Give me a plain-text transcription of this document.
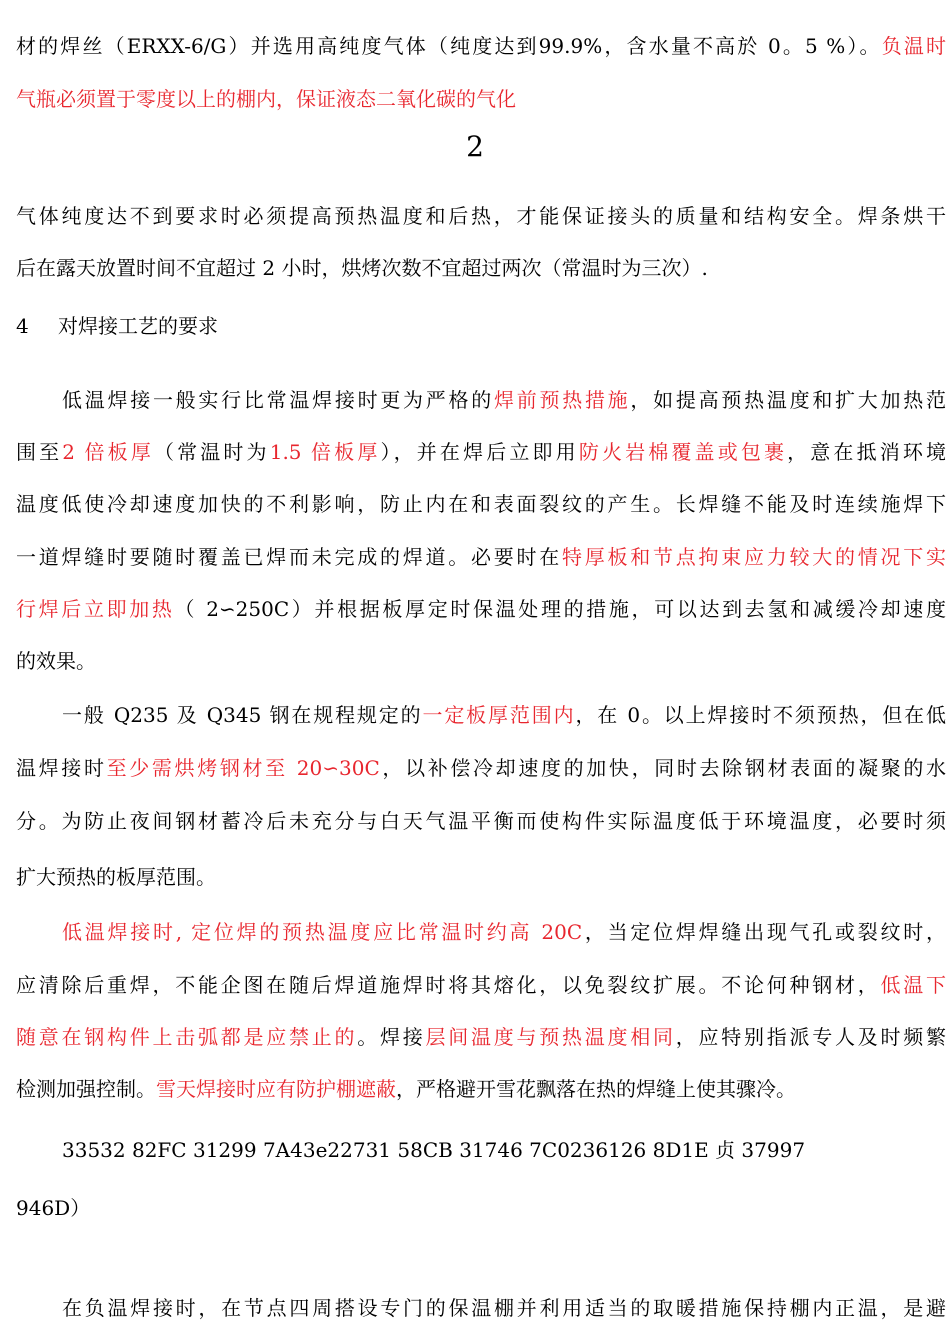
材的焊丝（ERXX-6/G）并选用高纯度气体（纯度达到99.9%，含水量不高於 0。5 %）。负温时
气瓶必须置于零度以上的棚内，保证液态二氧化碳的气化
2
气体纯度达不到要求时必须提高预热温度和后热，才能保证接头的质量和结构安全。焊条烘干
后在露天放置时间不宜超过 2 小时，烘烤次数不宜超过两次（常温时为三次）.
4 对焊接工艺的要求
低温焊接一般实行比常温焊接时更为严格的焊前预热措施，如提高预热温度和扩大加热范
围至2 倍板厚（常温时为1.5 倍板厚），并在焊后立即用防火岩棉覆盖或包裹，意在抵消环境
温度低使冷却速度加快的不利影响，防止内在和表面裂纹的产生。长焊缝不能及时连续施焊下
一道焊缝时要随时覆盖已焊而未完成的焊道。必要时在特厚板和节点拘束应力较大的情况下实
行焊后立即加热（ 2∽250C）并根据板厚定时保温处理的措施，可以达到去氢和减缓冷却速度
的效果。
一般 Q235 及 Q345 钢在规程规定的一定板厚范围内，在 0。以上焊接时不须预热，但在低
温焊接时至少需烘烤钢材至 20∽30C，以补偿冷却速度的加快，同时去除钢材表面的凝聚的水
分。为防止夜间钢材蓄冷后未充分与白天气温平衡而使构件实际温度低于环境温度，必要时须
扩大预热的板厚范围。
低温焊接时, 定位焊的预热温度应比常温时约高 20C，当定位焊焊缝出现气孔或裂纹时，
应清除后重焊，不能企图在随后焊道施焊时将其熔化，以免裂纹扩展。不论何种钢材，低温下
随意在钢构件上击弧都是应禁止的。焊接层间温度与预热温度相同，应特别指派专人及时频繁
检测加强控制。雪天焊接时应有防护棚遮蔽，严格避开雪花飘落在热的焊缝上使其骤冷。
33532 82FC 31299 7A43e22731 58CB 31746 7C0236126 8D1E 贞 37997
946D）
在负温焊接时，在节点四周搭设专门的保温棚并利用适当的取暖措施保持棚内正温，是避
